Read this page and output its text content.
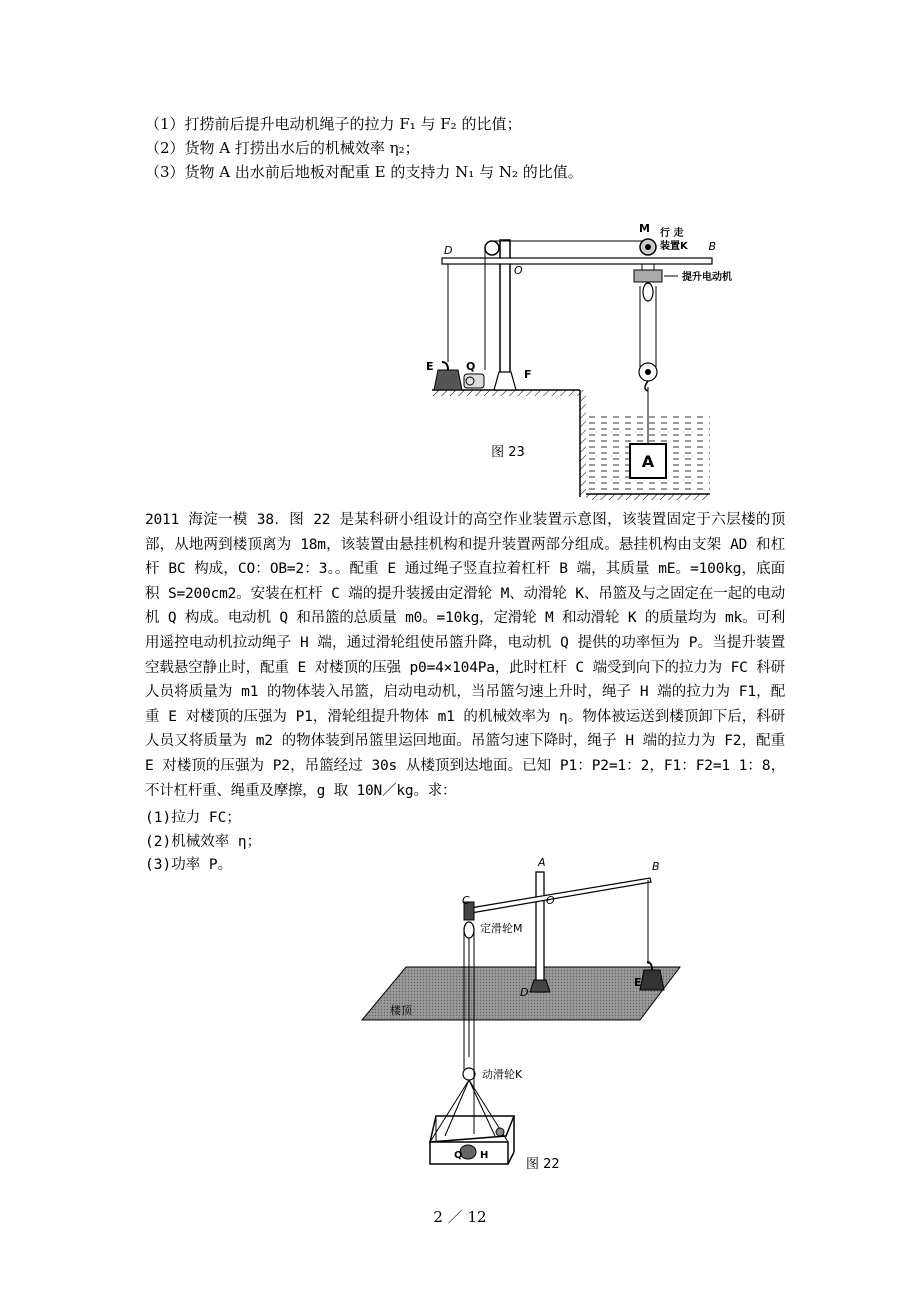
（1）打捞前后提升电动机绳子的拉力 F₁ 与 F₂ 的比值；
（2）货物 A 打捞出水后的机械效率 η₂；
（3）货物 A 出水前后地板对配重 E 的支持力 N₁ 与 N₂ 的比值。
D
O
M 行 走
装置K B
提升电动机
E	Q
F
A
图 23
2011 海淀一模 38．图 22 是某科研小组设计的高空作业装置示意图，该装置固定于六层楼的顶部，从地两到楼顶离为 18m，该装置由悬挂机构和提升装置两部分组成。悬挂机构由支架 AD 和杠杆 BC 构成，CO：OB=2：3。。配重 E 通过绳子竖直拉着杠杆 B 端，其质量 mE。=100kg，底面积 S=200cm2。安装在杠杆 C 端的提升装援由定滑轮 M、动滑轮 K、吊篮及与之固定在一起的电动机 Q 构成。电动机 Q 和吊篮的总质量 m0。=10kg，定滑轮 M 和动滑轮 K 的质量均为 mk。可利用遥控电动机拉动绳子 H 端，通过滑轮组使吊篮升降，电动机 Q 提供的功率恒为 P。当提升装置空载悬空静止时，配重 E 对楼顶的压强 p0=4×104Pa，此时杠杆 C 端受到向下的拉力为 FC 科研人员将质量为 m1 的物体装入吊篮，启动电动机，当吊篮匀速上升时，绳子 H 端的拉力为 F1，配重 E 对楼顶的压强为 P1，滑轮组提升物体 m1 的机械效率为 η。物体被运送到楼顶卸下后，科研人员又将质量为 m2 的物体装到吊篮里运回地面。吊篮匀速下降时，绳子 H 端的拉力为 F2，配重 E 对楼顶的压强为 P2，吊篮经过 30s 从楼顶到达地面。已知 P1：P2=1：2，F1：F2=1 1：8，不计杠杆重、绳重及摩擦，g 取 10N／kg。求：
(1)拉力 FC；
(2)机械效率 η；
(3)功率 P。	A	B
C	O
D
E
定滑轮M
动滑轮K
楼顶
Q H
图 22
2 ／ 12
